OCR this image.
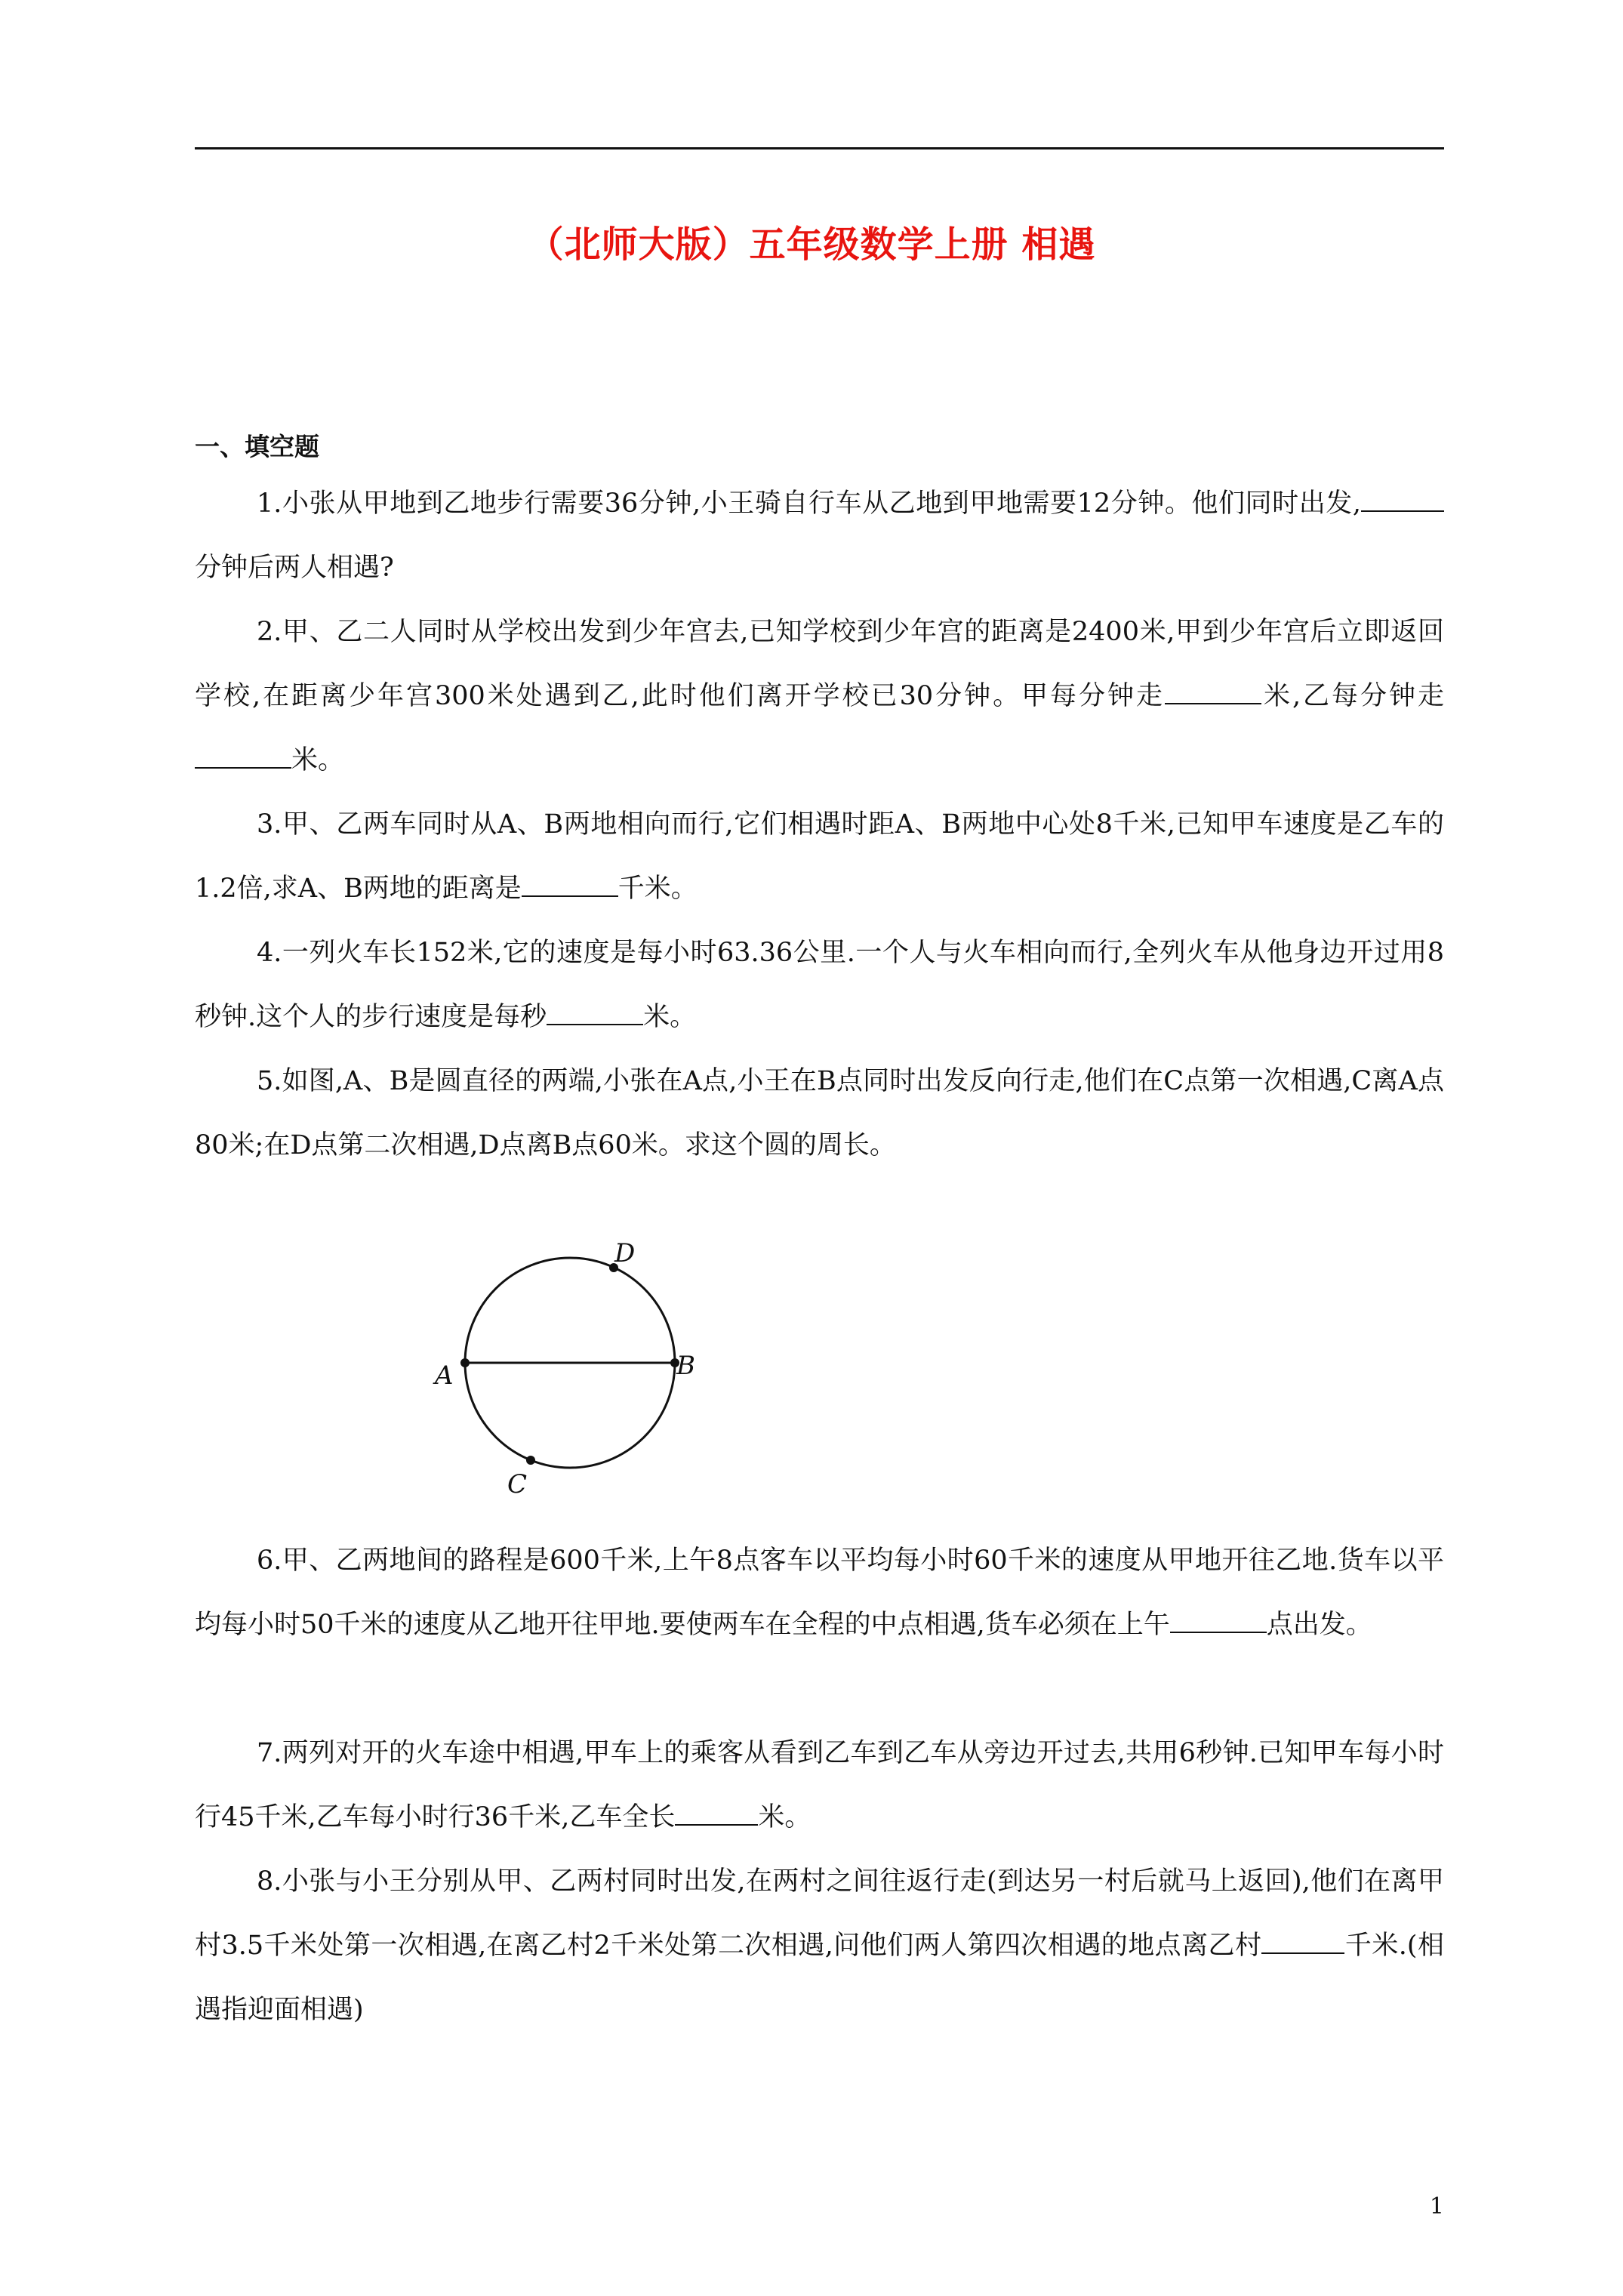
（北师大版）五年级数学上册 相遇
一、填空题

1.小张从甲地到乙地步行需要36分钟,小王骑自行车从乙地到甲地需要12分钟。他们同时出发,分钟后两人相遇?

2.甲、乙二人同时从学校出发到少年宫去,已知学校到少年宫的距离是2400米,甲到少年宫后立即返回学校,在距离少年宫300米处遇到乙,此时他们离开学校已30分钟。甲每分钟走	米,乙每分钟走米。

3.甲、乙两车同时从A、B两地相向而行,它们相遇时距A、B两地中心处8千米,已知甲车速度是乙车的1.2倍,求A、B两地的距离是	千米。

4.一列火车长152米,它的速度是每小时63.36公里.一个人与火车相向而行,全列火车从他身边开过用8秒钟.这个人的步行速度是每秒	米。

5.如图,A、B是圆直径的两端,小张在A点,小王在B点同时出发反向行走,他们在C点第一次相遇,C离A点80米;在D点第二次相遇,D点离B点60米。求这个圆的周长。

A	B
C
D

6.甲、乙两地间的路程是600千米,上午8点客车以平均每小时60千米的速度从甲地开往乙地.货车以平均每小时50千米的速度从乙地开往甲地.要使两车在全程的中点相遇,货车必须在上午	点出发。

7.两列对开的火车途中相遇,甲车上的乘客从看到乙车到乙车从旁边开过去,共用6秒钟.已知甲车每小时行45千米,乙车每小时行36千米,乙车全长	米。

8.小张与小王分别从甲、乙两村同时出发,在两村之间往返行走(到达另一村后就马上返回),他们在离甲村3.5千米处第一次相遇,在离乙村2千米处第二次相遇,问他们两人第四次相遇的地点离乙村	千米.(相遇指迎面相遇)

1
